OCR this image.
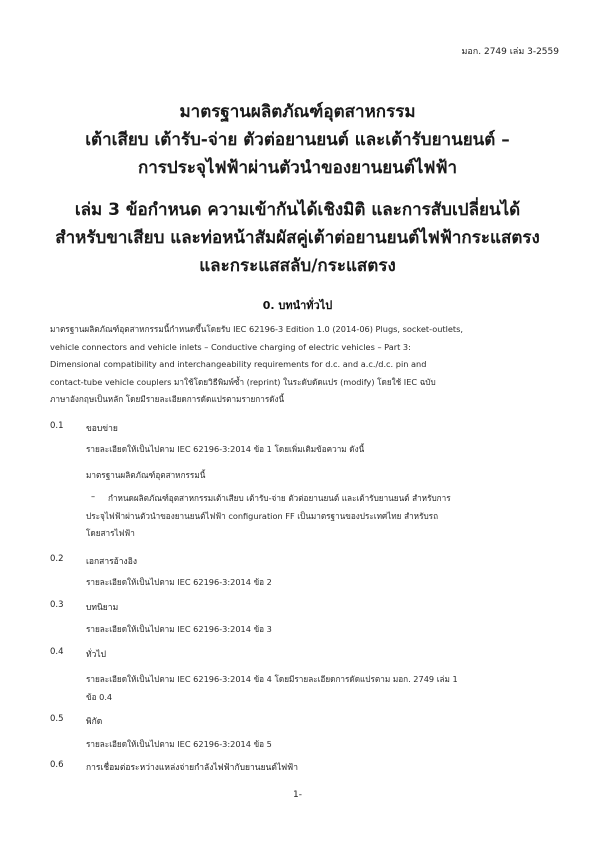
มอก. 2749 เล่ม 3-2559

มาตรฐานผลิตภัณฑ์อุตสาหกรรม

เต้าเสียบ เต้ารับ-จ่าย ตัวต่อยานยนต์ และเต้ารับยานยนต์ –

การประจุไฟฟ้าผ่านตัวนำของยานยนต์ไฟฟ้า

เล่ม 3 ข้อกำหนด ความเข้ากันได้เชิงมิติ และการสับเปลี่ยนได้

สำหรับขาเสียบ และท่อหน้าสัมผัสคู่เต้าต่อยานยนต์ไฟฟ้ากระแสตรง

และกระแสสลับ/กระแสตรง

0. บทนำทั่วไป
มาตรฐานผลิตภัณฑ์อุตสาหกรรมนี้กำหนดขึ้นโดยรับ IEC 62196-3 Edition 1.0 (2014-06) Plugs, socket-outlets,
vehicle connectors and vehicle inlets – Conductive charging of electric vehicles – Part 3:
Dimensional compatibility and interchangeability requirements for d.c. and a.c./d.c. pin and
contact-tube vehicle couplers มาใช้โดยวิธีพิมพ์ซ้ำ (reprint) ในระดับดัดแปร (modify) โดยใช้ IEC ฉบับ
ภาษาอังกฤษเป็นหลัก โดยมีรายละเอียดการดัดแปรตามรายการดังนี้
0.1	ขอบข่าย
รายละเอียดให้เป็นไปตาม IEC 62196-3:2014 ข้อ 1 โดยเพิ่มเติมข้อความ ดังนี้
มาตรฐานผลิตภัณฑ์อุตสาหกรรมนี้
–	กำหนดผลิตภัณฑ์อุตสาหกรรมเต้าเสียบ เต้ารับ-จ่าย ตัวต่อยานยนต์ และเต้ารับยานยนต์ สำหรับการ
ประจุไฟฟ้าผ่านตัวนำของยานยนต์ไฟฟ้า configuration FF เป็นมาตรฐานของประเทศไทย สำหรับรถ
โดยสารไฟฟ้า
0.2	เอกสารอ้างอิง
รายละเอียดให้เป็นไปตาม IEC 62196-3:2014 ข้อ 2
0.3	บทนิยาม
รายละเอียดให้เป็นไปตาม IEC 62196-3:2014 ข้อ 3
0.4	ทั่วไป
รายละเอียดให้เป็นไปตาม IEC 62196-3:2014 ข้อ 4 โดยมีรายละเอียดการดัดแปรตาม มอก. 2749 เล่ม 1
ข้อ 0.4
0.5	พิกัด
รายละเอียดให้เป็นไปตาม IEC 62196-3:2014 ข้อ 5
0.6	การเชื่อมต่อระหว่างแหล่งจ่ายกำลังไฟฟ้ากับยานยนต์ไฟฟ้า
1-
